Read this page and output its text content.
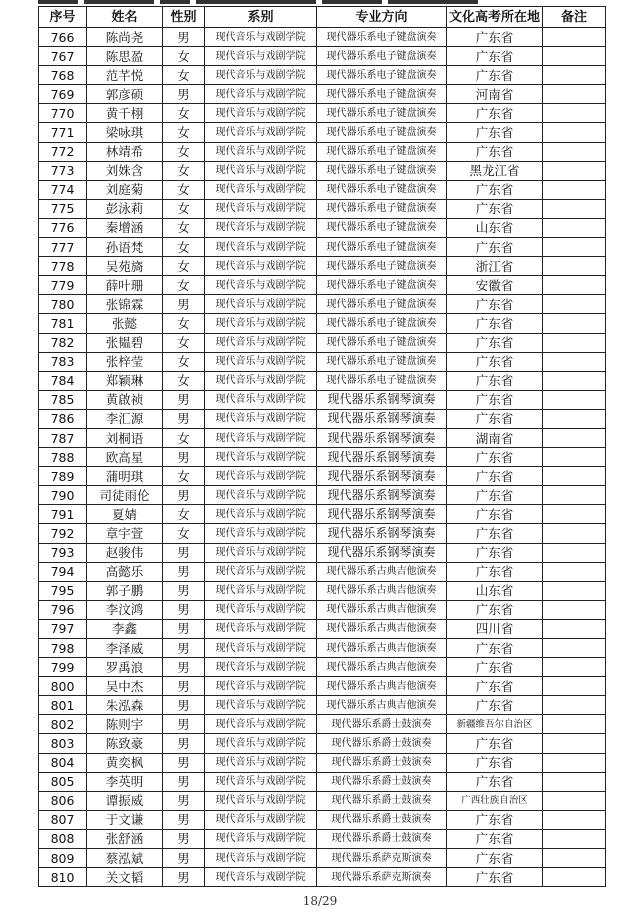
序号	姓名	性别	系别	专业方向	文化高考所在地	备注
766	陈尚尧	男	现代音乐与戏剧学院	现代器乐系电子键盘演奏	广东省	
767	陈思盈	女	现代音乐与戏剧学院	现代器乐系电子键盘演奏	广东省	
768	范芊悦	女	现代音乐与戏剧学院	现代器乐系电子键盘演奏	广东省	
769	郭彦硕	男	现代音乐与戏剧学院	现代器乐系电子键盘演奏	河南省	
770	黄千栩	女	现代音乐与戏剧学院	现代器乐系电子键盘演奏	广东省	
771	梁咏琪	女	现代音乐与戏剧学院	现代器乐系电子键盘演奏	广东省	
772	林靖希	女	现代音乐与戏剧学院	现代器乐系电子键盘演奏	广东省	
773	刘姝含	女	现代音乐与戏剧学院	现代器乐系电子键盘演奏	黑龙江省	
774	刘庭菊	女	现代音乐与戏剧学院	现代器乐系电子键盘演奏	广东省	
775	彭泳莉	女	现代音乐与戏剧学院	现代器乐系电子键盘演奏	广东省	
776	秦增涵	女	现代音乐与戏剧学院	现代器乐系电子键盘演奏	山东省	
777	孙语梵	女	现代音乐与戏剧学院	现代器乐系电子键盘演奏	广东省	
778	吴苑旖	女	现代音乐与戏剧学院	现代器乐系电子键盘演奏	浙江省	
779	薛叶珊	女	现代音乐与戏剧学院	现代器乐系电子键盘演奏	安徽省	
780	张锦霖	男	现代音乐与戏剧学院	现代器乐系电子键盘演奏	广东省	
781	张懿	女	现代音乐与戏剧学院	现代器乐系电子键盘演奏	广东省	
782	张韫碧	女	现代音乐与戏剧学院	现代器乐系电子键盘演奏	广东省	
783	张梓莹	女	现代音乐与戏剧学院	现代器乐系电子键盘演奏	广东省	
784	郑颖琳	女	现代音乐与戏剧学院	现代器乐系电子键盘演奏	广东省	
785	黄啟祯	男	现代音乐与戏剧学院	现代器乐系钢琴演奏	广东省	
786	李汇源	男	现代音乐与戏剧学院	现代器乐系钢琴演奏	广东省	
787	刘桐语	女	现代音乐与戏剧学院	现代器乐系钢琴演奏	湖南省	
788	欧高星	男	现代音乐与戏剧学院	现代器乐系钢琴演奏	广东省	
789	蒲明琪	女	现代音乐与戏剧学院	现代器乐系钢琴演奏	广东省	
790	司徒雨伦	男	现代音乐与戏剧学院	现代器乐系钢琴演奏	广东省	
791	夏婧	女	现代音乐与戏剧学院	现代器乐系钢琴演奏	广东省	
792	章宇萱	女	现代音乐与戏剧学院	现代器乐系钢琴演奏	广东省	
793	赵骏伟	男	现代音乐与戏剧学院	现代器乐系钢琴演奏	广东省	
794	高懿乐	男	现代音乐与戏剧学院	现代器乐系古典吉他演奏	广东省	
795	郭子鹏	男	现代音乐与戏剧学院	现代器乐系古典吉他演奏	山东省	
796	李汶鸿	男	现代音乐与戏剧学院	现代器乐系古典吉他演奏	广东省	
797	李鑫	男	现代音乐与戏剧学院	现代器乐系古典吉他演奏	四川省	
798	李泽威	男	现代音乐与戏剧学院	现代器乐系古典吉他演奏	广东省	
799	罗禹浪	男	现代音乐与戏剧学院	现代器乐系古典吉他演奏	广东省	
800	吴中杰	男	现代音乐与戏剧学院	现代器乐系古典吉他演奏	广东省	
801	朱泓森	男	现代音乐与戏剧学院	现代器乐系古典吉他演奏	广东省	
802	陈则宇	男	现代音乐与戏剧学院	现代器乐系爵士鼓演奏	新疆维吾尔自治区	
803	陈致豪	男	现代音乐与戏剧学院	现代器乐系爵士鼓演奏	广东省	
804	黄奕枫	男	现代音乐与戏剧学院	现代器乐系爵士鼓演奏	广东省	
805	李英明	男	现代音乐与戏剧学院	现代器乐系爵士鼓演奏	广东省	
806	谭振威	男	现代音乐与戏剧学院	现代器乐系爵士鼓演奏	广西壮族自治区	
807	于文谦	男	现代音乐与戏剧学院	现代器乐系爵士鼓演奏	广东省	
808	张舒涵	男	现代音乐与戏剧学院	现代器乐系爵士鼓演奏	广东省	
809	蔡泓斌	男	现代音乐与戏剧学院	现代器乐系萨克斯演奏	广东省	
810	关文韬	男	现代音乐与戏剧学院	现代器乐系萨克斯演奏	广东省	
18/29
